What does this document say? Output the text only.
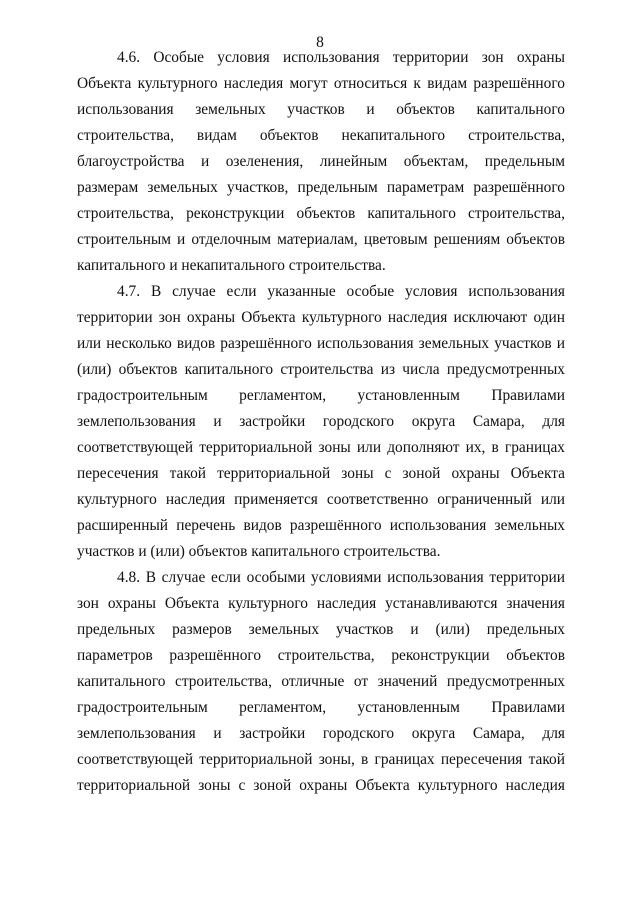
8

4.6. Особые условия использования территории зон охраны Объекта культурного наследия могут относиться к видам разрешённого использования земельных участков и объектов капитального строительства, видам объектов некапитального строительства, благоустройства и озеленения, линейным объектам, предельным размерам земельных участков, предельным параметрам разрешённого строительства, реконструкции объектов капитального строительства, строительным и отделочным материалам, цветовым решениям объектов капитального и некапитального строительства.

4.7. В случае если указанные особые условия использования территории зон охраны Объекта культурного наследия исключают один или несколько видов разрешённого использования земельных участков и (или) объектов капитального строительства из числа предусмотренных градостроительным регламентом, установленным Правилами землепользования и застройки городского округа Самара, для соответствующей территориальной зоны или дополняют их, в границах пересечения такой территориальной зоны с зоной охраны Объекта культурного наследия применяется соответственно ограниченный или расширенный перечень видов разрешённого использования земельных участков и (или) объектов капитального строительства.

4.8. В случае если особыми условиями использования территории зон охраны Объекта культурного наследия устанавливаются значения предельных размеров земельных участков и (или) предельных параметров разрешённого строительства, реконструкции объектов капитального строительства, отличные от значений предусмотренных градостроительным регламентом, установленным Правилами землепользования и застройки городского округа Самара, для соответствующей территориальной зоны, в границах пересечения такой территориальной зоны с зоной охраны Объекта культурного наследия
